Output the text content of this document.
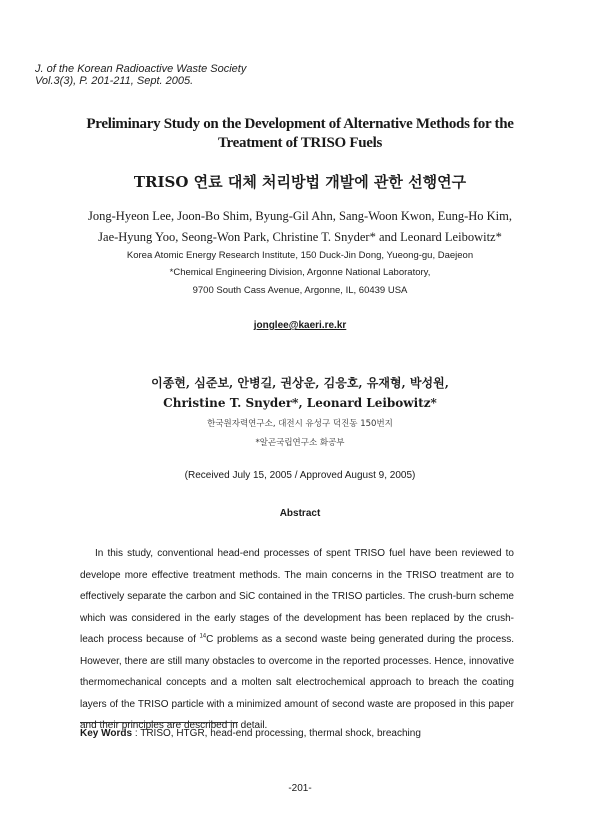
J. of the Korean Radioactive Waste Society
Vol.3(3), P. 201-211, Sept. 2005.
Preliminary Study on the Development of Alternative Methods for the
Treatment of TRISO Fuels
TRISO 연료 대체 처리방법 개발에 관한 선행연구
Jong-Hyeon Lee, Joon-Bo Shim, Byung-Gil Ahn, Sang-Woon Kwon, Eung-Ho Kim,
Jae-Hyung Yoo, Seong-Won Park, Christine T. Snyder* and Leonard Leibowitz*
Korea Atomic Energy Research Institute, 150 Duck-Jin Dong, Yueong-gu, Daejeon
*Chemical Engineering Division, Argonne National Laboratory,
9700 South Cass Avenue, Argonne, IL, 60439 USA
jonglee@kaeri.re.kr
이종현, 심준보, 안병길, 권상운, 김응호, 유재형, 박성원,
Christine T. Snyder*, Leonard Leibowitz*
한국원자력연구소, 대전시 유성구 덕진동 150번지
*알곤국립연구소 화공부
(Received July 15, 2005 / Approved August 9, 2005)
Abstract
In this study, conventional head-end processes of spent TRISO fuel have been reviewed to develope more effective treatment methods. The main concerns in the TRISO treatment are to effectively separate the carbon and SiC contained in the TRISO particles. The crush-burn scheme which was considered in the early stages of the development has been replaced by the crush-leach process because of $^{14}$C problems as a second waste being generated during the process. However, there are still many obstacles to overcome in the reported processes. Hence, innovative thermomechanical concepts and a molten salt electrochemical approach to breach the coating layers of the TRISO particle with a minimized amount of second waste are proposed in this paper and their principles are described in detail.
Key Words : TRISO, HTGR, head-end processing, thermal shock, breaching
-201-
